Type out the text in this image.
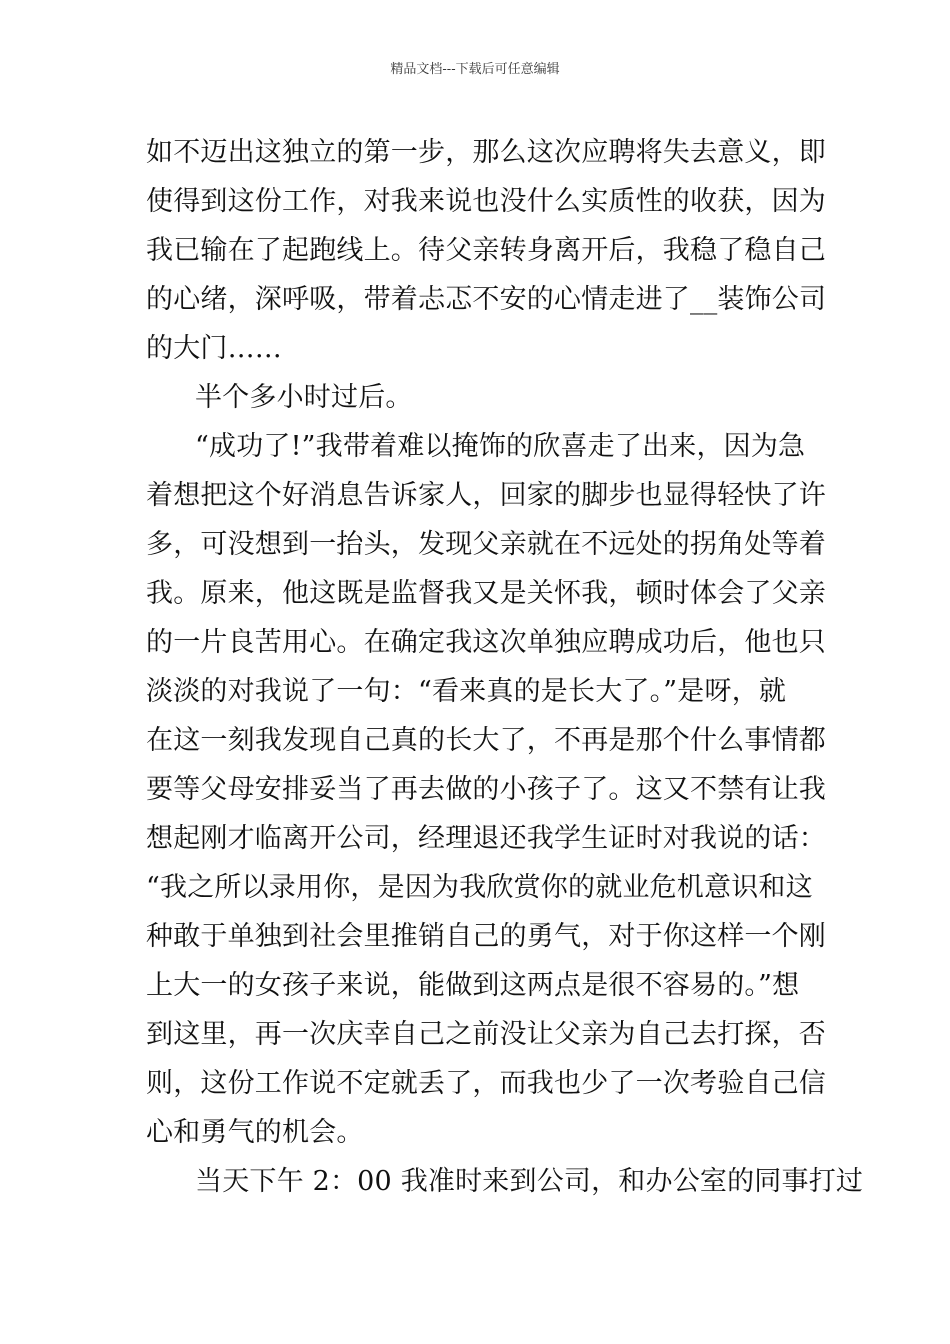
精品文档---下载后可任意编辑
如不迈出这独立的第一步，那么这次应聘将失去意义，即
使得到这份工作，对我来说也没什么实质性的收获，因为
我已输在了起跑线上。待父亲转身离开后，我稳了稳自己
的心绪，深呼吸，带着忐忑不安的心情走进了__装饰公司
的大门……
半个多小时过后。
“成功了!”我带着难以掩饰的欣喜走了出来，因为急
着想把这个好消息告诉家人，回家的脚步也显得轻快了许
多，可没想到一抬头，发现父亲就在不远处的拐角处等着
我。原来，他这既是监督我又是关怀我，顿时体会了父亲
的一片良苦用心。在确定我这次单独应聘成功后，他也只
淡淡的对我说了一句：“看来真的是长大了。”是呀，就
在这一刻我发现自己真的长大了，不再是那个什么事情都
要等父母安排妥当了再去做的小孩子了。这又不禁有让我
想起刚才临离开公司，经理退还我学生证时对我说的话：
“我之所以录用你，是因为我欣赏你的就业危机意识和这
种敢于单独到社会里推销自己的勇气，对于你这样一个刚
上大一的女孩子来说，能做到这两点是很不容易的。”想
到这里，再一次庆幸自己之前没让父亲为自己去打探，否
则，这份工作说不定就丢了，而我也少了一次考验自己信
心和勇气的机会。
当天下午 2：00 我准时来到公司，和办公室的同事打过
